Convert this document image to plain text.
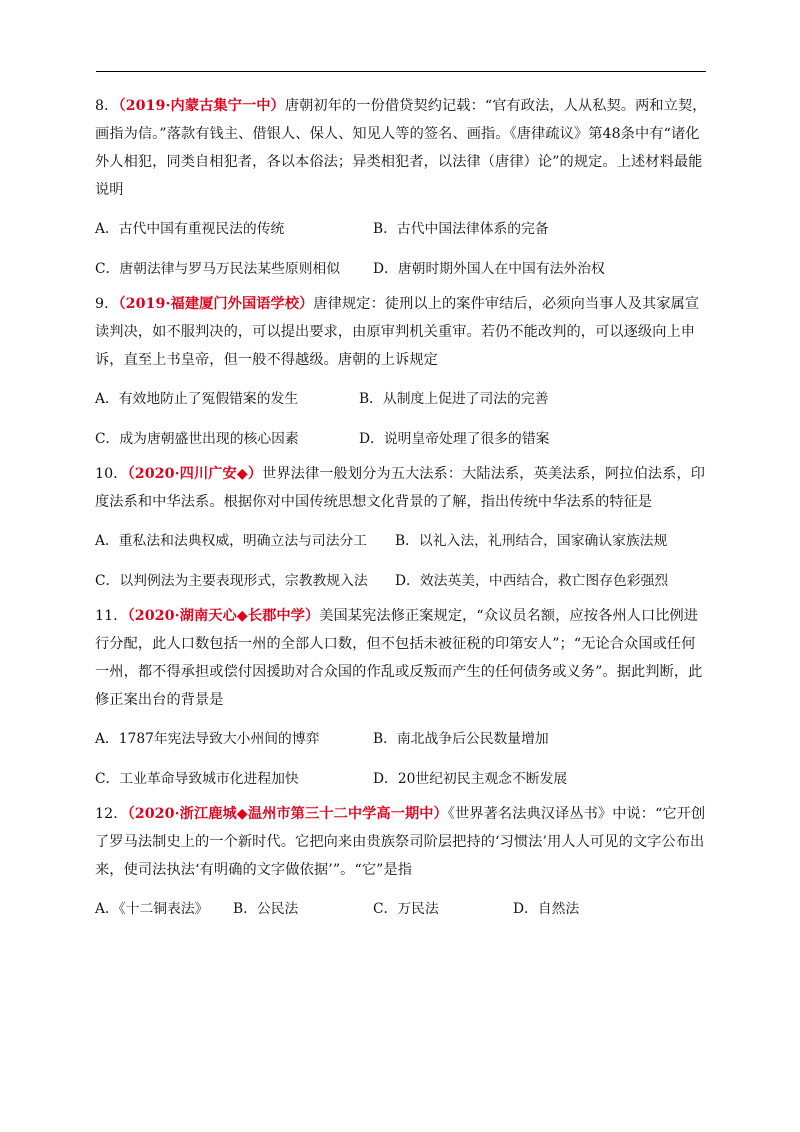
8．（2019·内蒙古集宁一中）唐朝初年的一份借贷契约记载：“官有政法，人从私契。两和立契，画指为信。”落款有钱主、借银人、保人、知见人等的签名、画指。《唐律疏议》第48条中有“诸化外人相犯，同类自相犯者，各以本俗法；异类相犯者，以法律（唐律）论”的规定。上述材料最能说明

A．古代中国有重视民法的传统	B．古代中国法律体系的完备
C．唐朝法律与罗马万民法某些原则相似	D．唐朝时期外国人在中国有法外治权

9．（2019·福建厦门外国语学校）唐律规定：徒刑以上的案件审结后，必须向当事人及其家属宣读判决，如不服判决的，可以提出要求，由原审判机关重审。若仍不能改判的，可以逐级向上申诉，直至上书皇帝，但一般不得越级。唐朝的上诉规定

A．有效地防止了冤假错案的发生	B．从制度上促进了司法的完善
C．成为唐朝盛世出现的核心因素	D．说明皇帝处理了很多的错案

10．（2020·四川广安◆）世界法律一般划分为五大法系：大陆法系，英美法系，阿拉伯法系，印度法系和中华法系。根据你对中国传统思想文化背景的了解，指出传统中华法系的特征是

A．重私法和法典权威，明确立法与司法分工	B．以礼入法，礼刑结合，国家确认家族法规
C．以判例法为主要表现形式，宗教教规入法	D．效法英美，中西结合，救亡图存色彩强烈

11．（2020·湖南天心◆长郡中学）美国某宪法修正案规定，“众议员名额，应按各州人口比例进行分配，此人口数包括一州的全部人口数，但不包括未被征税的印第安人”；“无论合众国或任何一州，都不得承担或偿付因援助对合众国的作乱或反叛而产生的任何债务或义务”。据此判断，此修正案出台的背景是

A．1787年宪法导致大小州间的博弈	B．南北战争后公民数量增加
C．工业革命导致城市化进程加快	D．20世纪初民主观念不断发展

12．（2020·浙江鹿城◆温州市第三十二中学高一期中）《世界著名法典汉译丛书》中说：“它开创了罗马法制史上的一个新时代。它把向来由贵族祭司阶层把持的‘习惯法’用人人可见的文字公布出来，使司法执法‘有明确的文字做依据’”。“它”是指

A．《十二铜表法》	B．公民法	C．万民法	D．自然法
